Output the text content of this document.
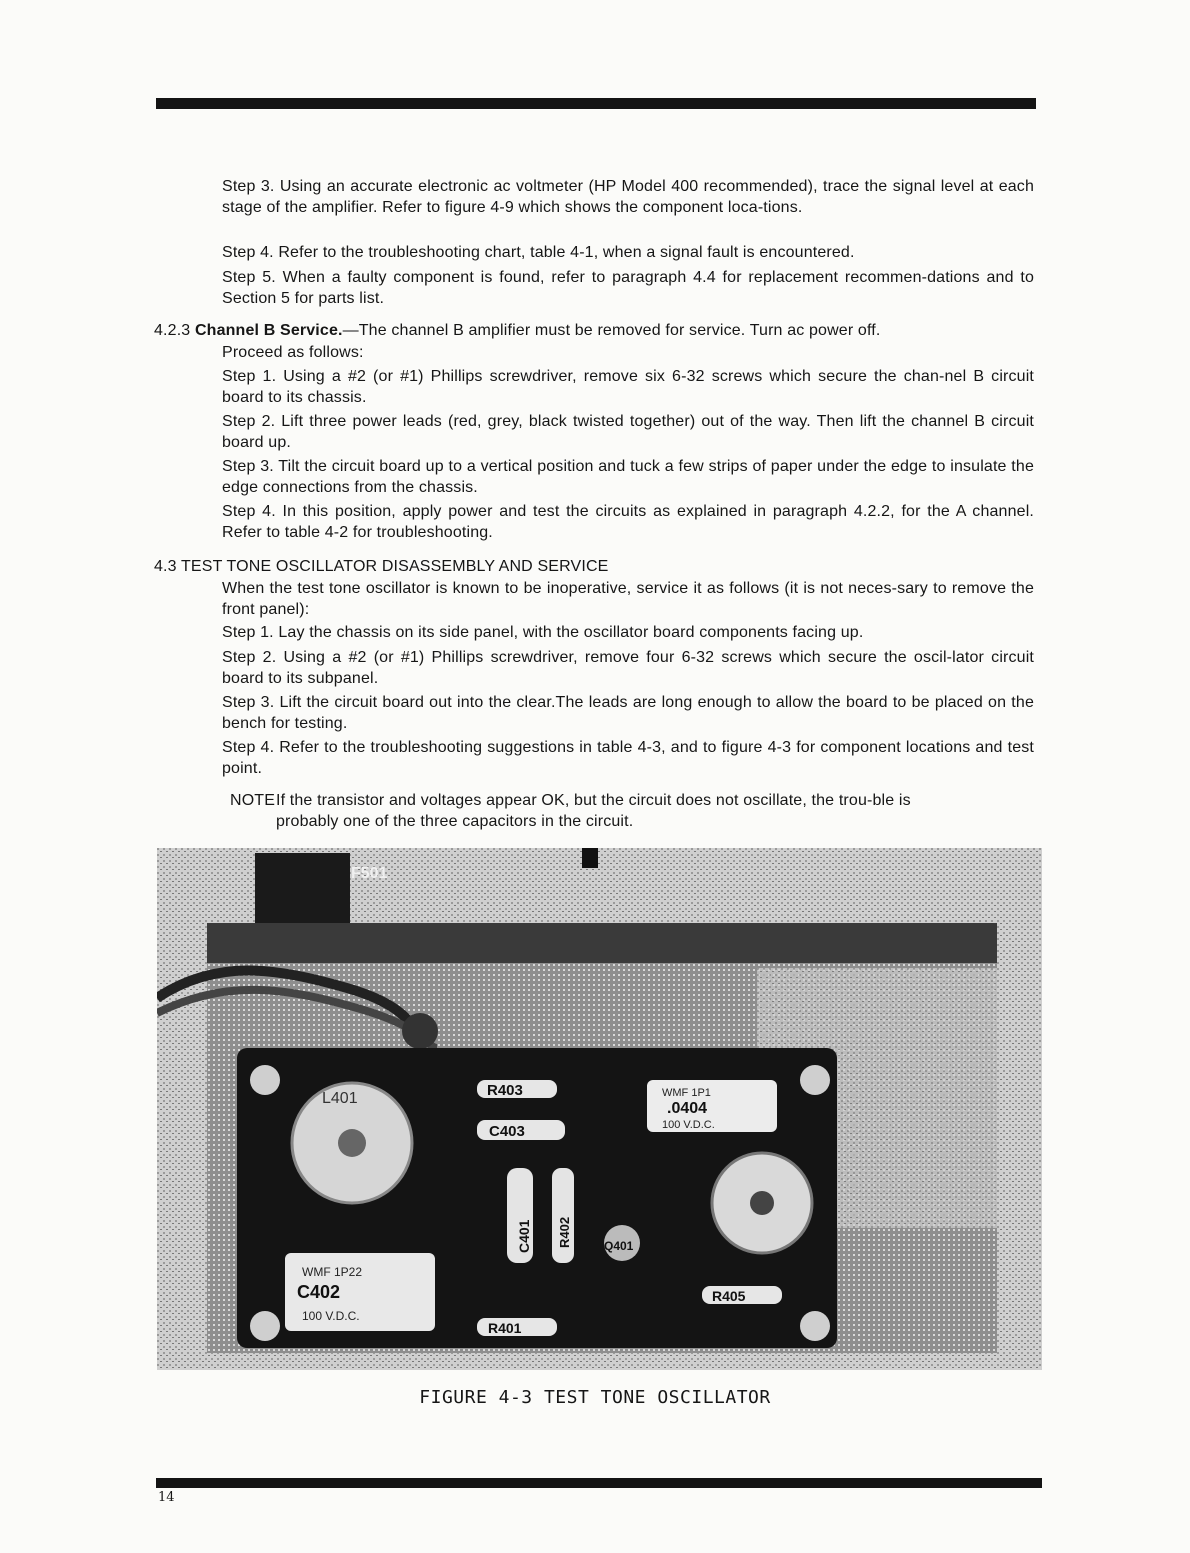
Step 3. Using an accurate electronic ac voltmeter (HP Model 400 recommended), trace the signal level at each stage of the amplifier. Refer to figure 4-9 which shows the component loca-tions.

Step 4. Refer to the troubleshooting chart, table 4-1, when a signal fault is encountered.

Step 5. When a faulty component is found, refer to paragraph 4.4 for replacement recommen-dations and to Section 5 for parts list.

4.2.3 Channel B Service.—The channel B amplifier must be removed for service. Turn ac power off.

Proceed as follows:

Step 1. Using a #2 (or #1) Phillips screwdriver, remove six 6-32 screws which secure the chan-nel B circuit board to its chassis.

Step 2. Lift three power leads (red, grey, black twisted together) out of the way. Then lift the channel B circuit board up.

Step 3. Tilt the circuit board up to a vertical position and tuck a few strips of paper under the edge to insulate the edge connections from the chassis.

Step 4. In this position, apply power and test the circuits as explained in paragraph 4.2.2, for the A channel. Refer to table 4-2 for troubleshooting.

4.3 TEST TONE OSCILLATOR DISASSEMBLY AND SERVICE

When the test tone oscillator is known to be inoperative, service it as follows (it is not neces-sary to remove the front panel):

Step 1. Lay the chassis on its side panel, with the oscillator board components facing up.

Step 2. Using a #2 (or #1) Phillips screwdriver, remove four 6-32 screws which secure the oscil-lator circuit board to its subpanel.

Step 3. Lift the circuit board out into the clear.The leads are long enough to allow the board to be placed on the bench for testing.

Step 4. Refer to the troubleshooting suggestions in table 4-3, and to figure 4-3 for component locations and test point.

NOTEIf the transistor and voltages appear OK, but the circuit does not oscillate, the trou-ble is probably one of the three capacitors in the circuit.
F501
L401	R403
C403
WMF 1P1
.0404
100 V.D.C.
C401 R402	Q401
WMF 1P22
C402
100 V.D.C.
R405
R401
FIGURE 4-3 TEST TONE OSCILLATOR
14
